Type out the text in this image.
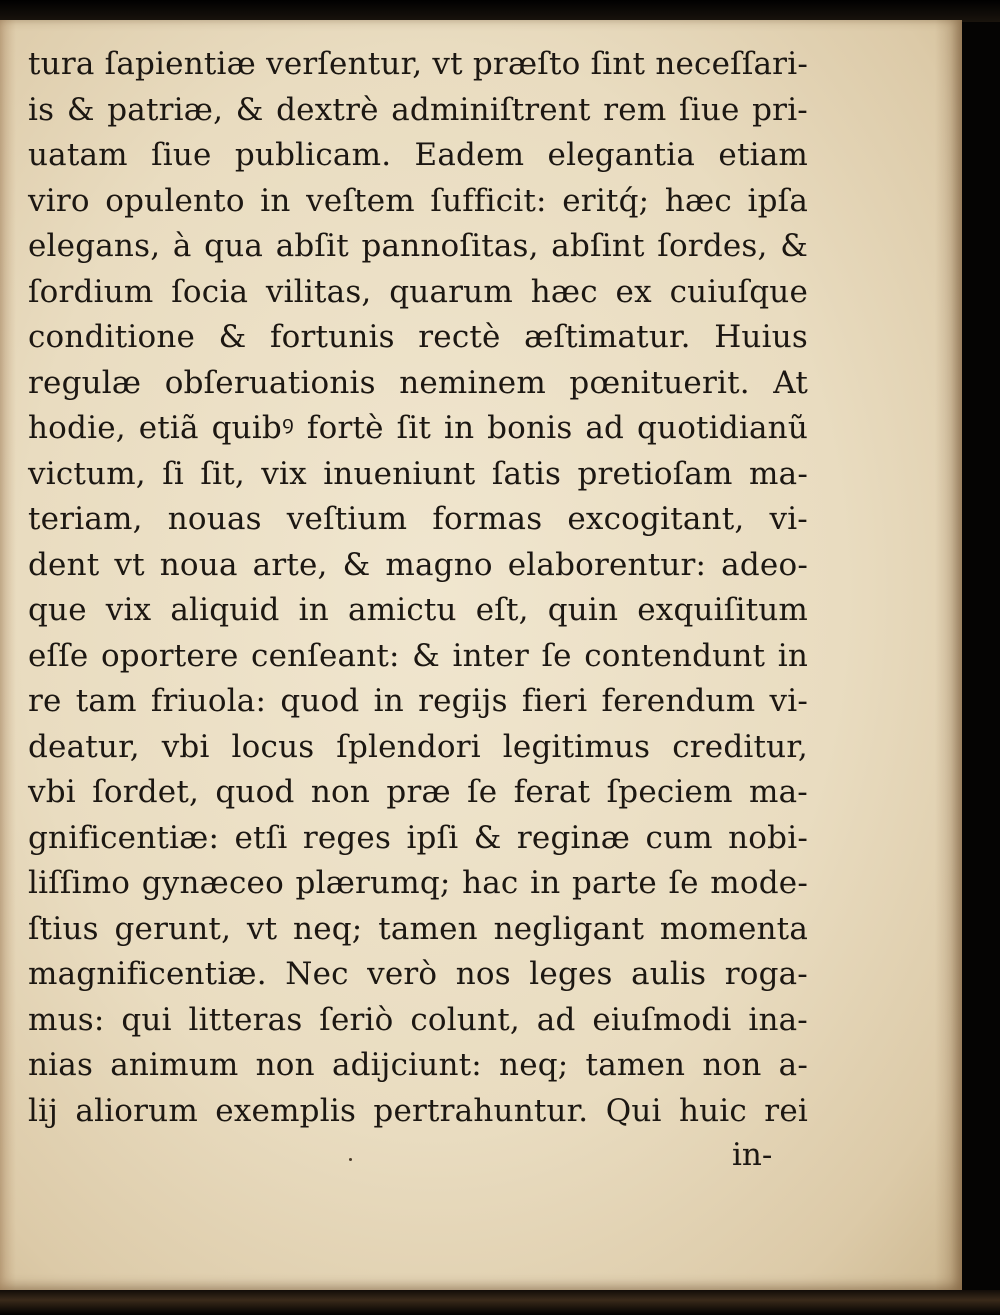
tura ſapientiæ verſentur, vt præſto ſint neceſſari-
is & patriæ, & dextrè adminiſtrent rem ſiue pri-
uatam ſiue publicam. Eadem elegantia etiam
viro opulento in veſtem ſufficit: eritq́; hæc ipſa
elegans, à qua abſit pannoſitas, abſint ſordes, &
ſordium ſocia vilitas, quarum hæc ex cuiuſque
conditione & fortunis rectè æſtimatur. Huius
regulæ obſeruationis neminem pœnituerit. At
hodie, etiã quibꝰ fortè ſit in bonis ad quotidianũ
victum, ſi ſit, vix inueniunt ſatis pretioſam ma-
teriam, nouas veſtium formas excogitant, vi-
dent vt noua arte, & magno elaborentur: adeo-
que vix aliquid in amictu eſt, quin exquiſitum
eſſe oportere cenſeant: & inter ſe contendunt in
re tam friuola: quod in regijs fieri ferendum vi-
deatur, vbi locus ſplendori legitimus creditur,
vbi ſordet, quod non præ ſe ferat ſpeciem ma-
gnificentiæ: etſi reges ipſi & reginæ cum nobi-
liſſimo gynæceo plærumq; hac in parte ſe mode-
ſtius gerunt, vt neq; tamen negligant momenta
magnificentiæ. Nec verò nos leges aulis roga-
mus: qui litteras ſeriò colunt, ad eiuſmodi ina-
nias animum non adijciunt: neq; tamen non a-
lij aliorum exemplis pertrahuntur. Qui huic rei
in-
